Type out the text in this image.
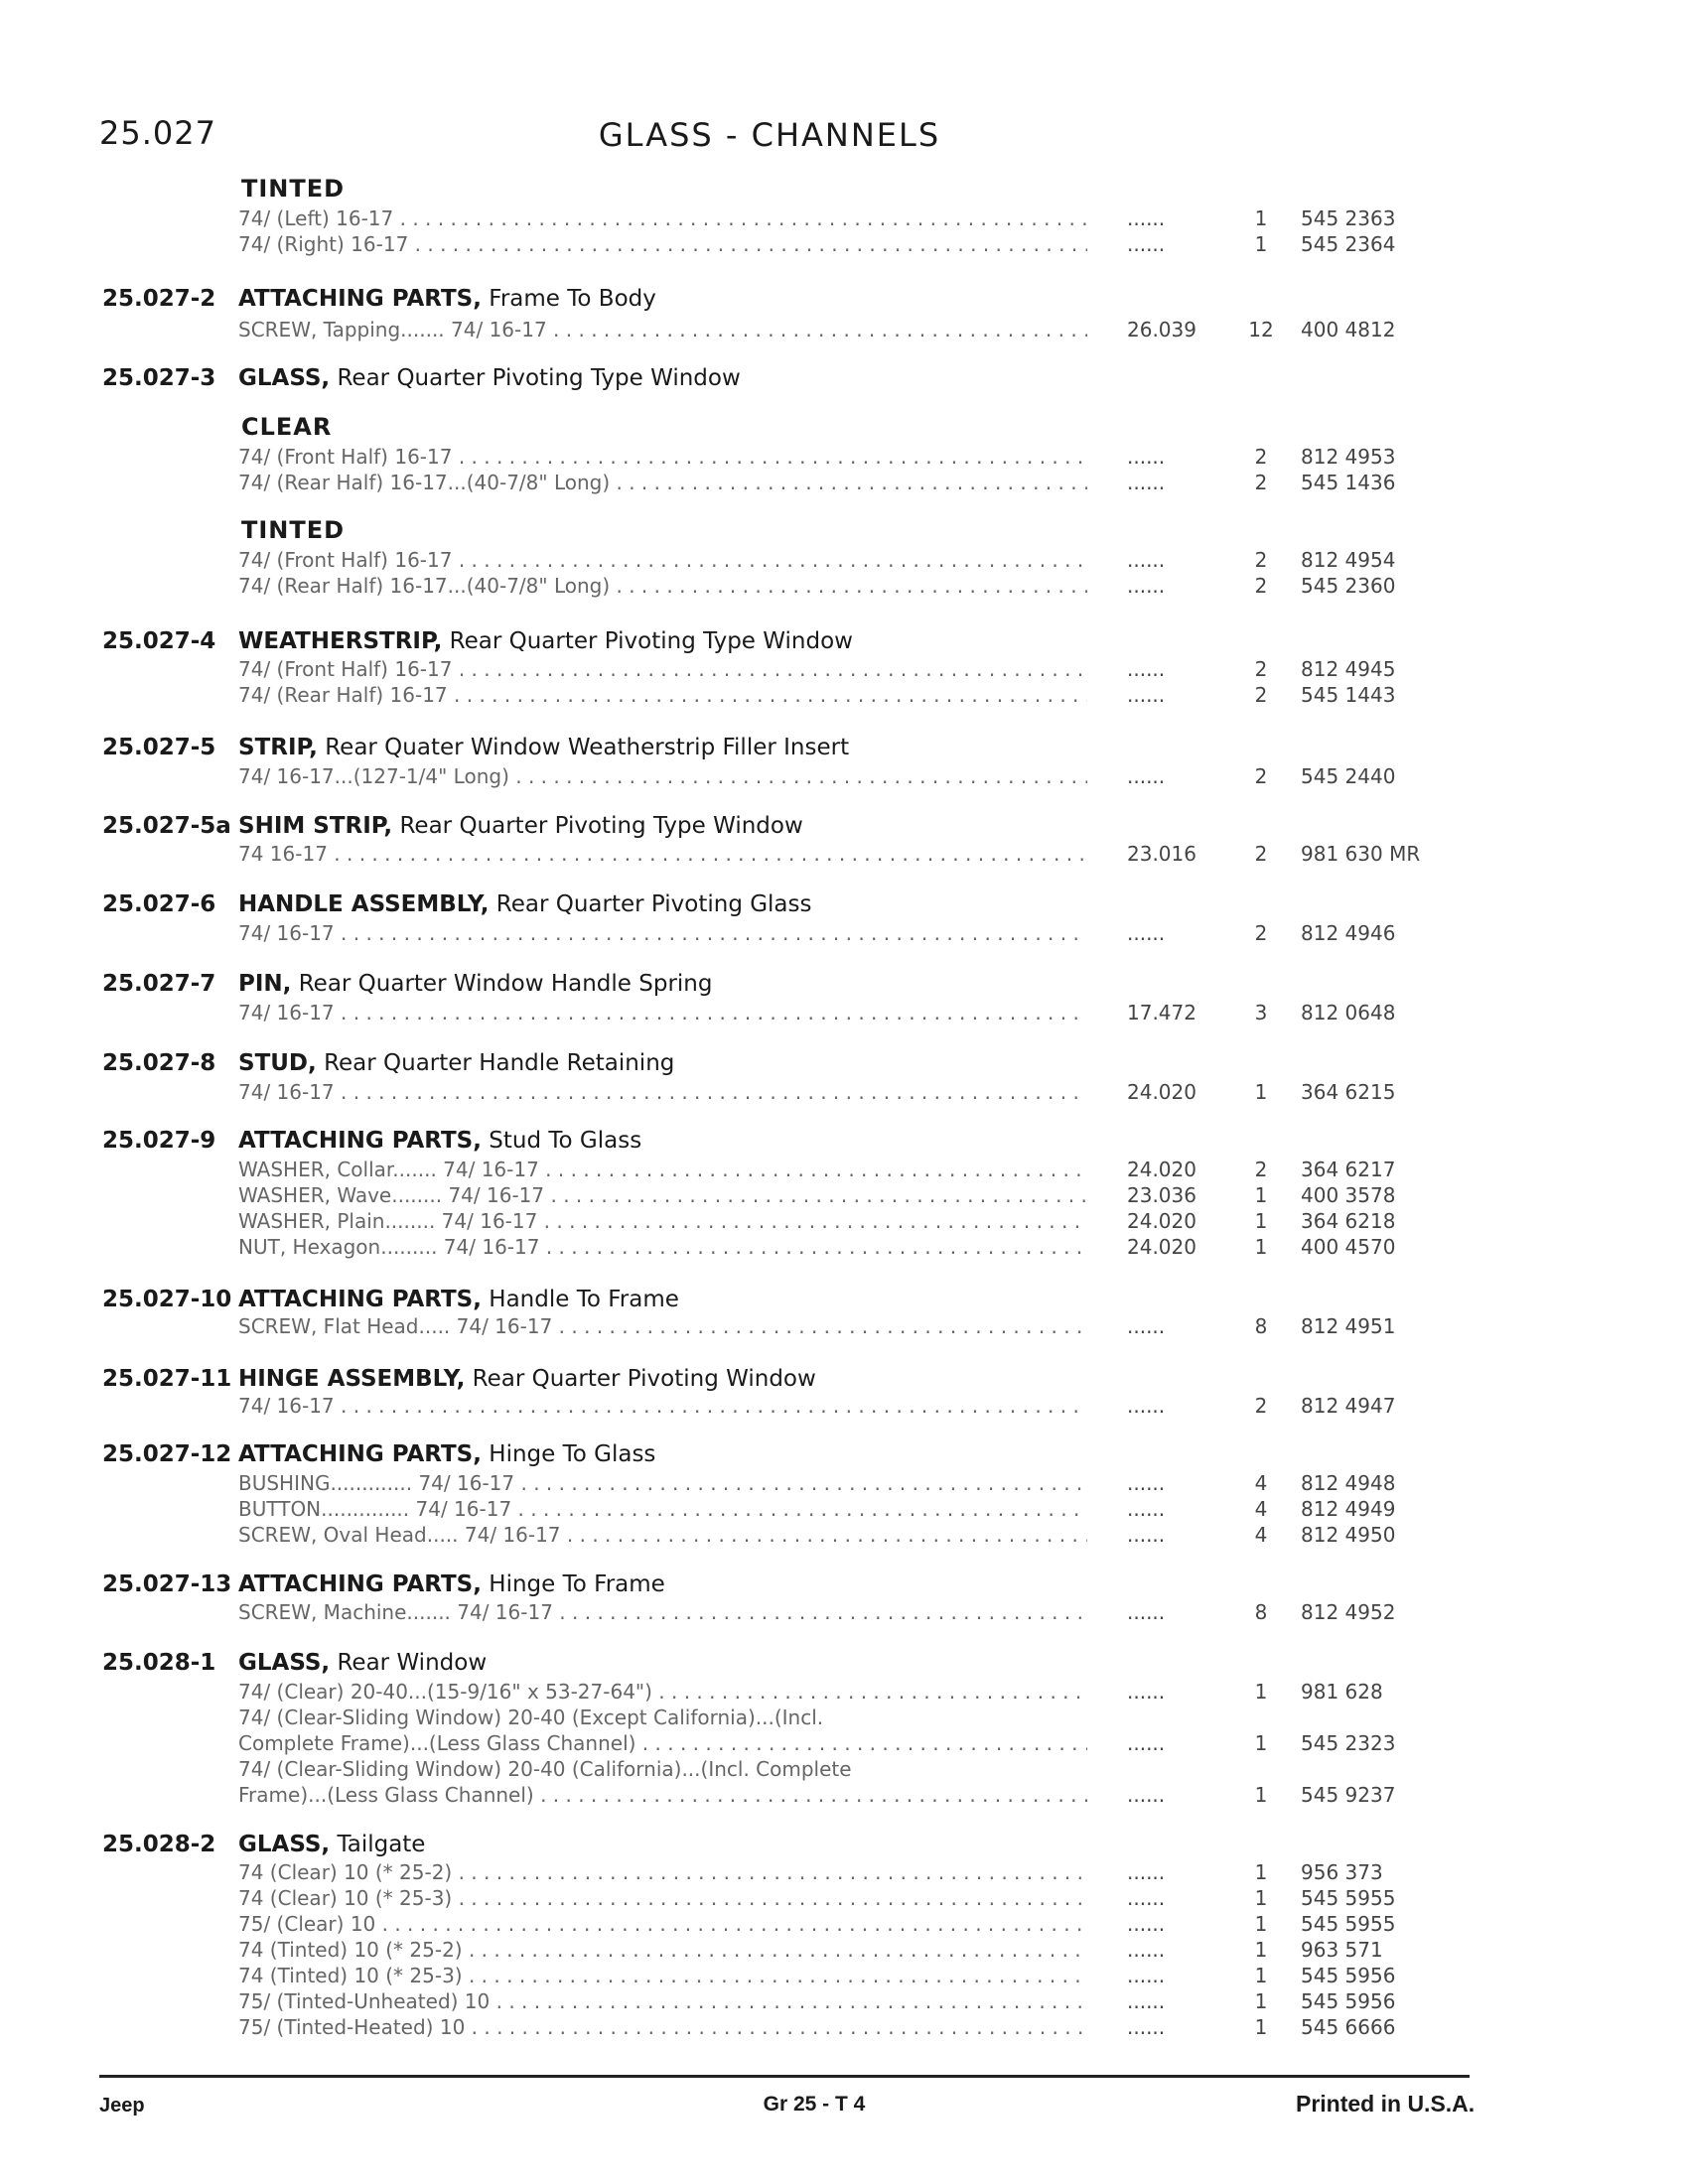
25.027	GLASS - CHANNELS
TINTED
74/ (Left) 16-17 . . .	......	1	545 2363
74/ (Right) 16-17 . . .	......	1	545 2364
25.027-2 ATTACHING PARTS, Frame To Body
SCREW, Tapping....... 74/ 16-17 . . .	26.039	12	400 4812
25.027-3 GLASS, Rear Quarter Pivoting Type Window
CLEAR
74/ (Front Half) 16-17 . . .	......	2	812 4953
74/ (Rear Half) 16-17...(40-7/8" Long) . . .	......	2	545 1436
TINTED
74/ (Front Half) 16-17 . . .	......	2	812 4954
74/ (Rear Half) 16-17...(40-7/8" Long) . . .	......	2	545 2360
25.027-4 WEATHERSTRIP, Rear Quarter Pivoting Type Window
74/ (Front Half) 16-17 . . .	......	2	812 4945
74/ (Rear Half) 16-17 . . .	......	2	545 1443
25.027-5 STRIP, Rear Quater Window Weatherstrip Filler Insert
74/ 16-17...(127-1/4" Long) . . .	......	2	545 2440
25.027-5a SHIM STRIP, Rear Quarter Pivoting Type Window
74 16-17 . . .	23.016	2	981 630 MR
25.027-6 HANDLE ASSEMBLY, Rear Quarter Pivoting Glass
74/ 16-17 . . .	......	2	812 4946
25.027-7 PIN, Rear Quarter Window Handle Spring
74/ 16-17 . . .	17.472	3	812 0648
25.027-8 STUD, Rear Quarter Handle Retaining
74/ 16-17 . . .	24.020	1	364 6215
25.027-9 ATTACHING PARTS, Stud To Glass
WASHER, Collar....... 74/ 16-17 . . .	24.020	2	364 6217
WASHER, Wave........ 74/ 16-17 . . .	23.036	1	400 3578
WASHER, Plain........ 74/ 16-17 . . .	24.020	1	364 6218
NUT, Hexagon......... 74/ 16-17 . . .	24.020	1	400 4570
25.027-10 ATTACHING PARTS, Handle To Frame
SCREW, Flat Head..... 74/ 16-17 . . .	......	8	812 4951
25.027-11 HINGE ASSEMBLY, Rear Quarter Pivoting Window
74/ 16-17 . . .	......	2	812 4947
25.027-12 ATTACHING PARTS, Hinge To Glass
BUSHING............. 74/ 16-17 . . .	......	4	812 4948
BUTTON.............. 74/ 16-17 . . .	......	4	812 4949
SCREW, Oval Head..... 74/ 16-17 . . .	......	4	812 4950
25.027-13 ATTACHING PARTS, Hinge To Frame
SCREW, Machine....... 74/ 16-17 . . .	......	8	812 4952
25.028-1 GLASS, Rear Window
74/ (Clear) 20-40...(15-9/16" x 53-27-64") . . .	......	1	981 628
74/ (Clear-Sliding Window) 20-40 (Except California)...(Incl.
Complete Frame)...(Less Glass Channel) . . .	......	1	545 2323
74/ (Clear-Sliding Window) 20-40 (California)...(Incl. Complete
Frame)...(Less Glass Channel) . . .	......	1	545 9237
25.028-2 GLASS, Tailgate
74 (Clear) 10 (* 25-2) . . .	......	1	956 373
74 (Clear) 10 (* 25-3) . . .	......	1	545 5955
75/ (Clear) 10 . . .	......	1	545 5955
74 (Tinted) 10 (* 25-2) . . .	......	1	963 571
74 (Tinted) 10 (* 25-3) . . .	......	1	545 5956
75/ (Tinted-Unheated) 10 . . .	......	1	545 5956
75/ (Tinted-Heated) 10 . . .	......	1	545 6666
Jeep	Gr 25 - T 4	Printed in U.S.A.
